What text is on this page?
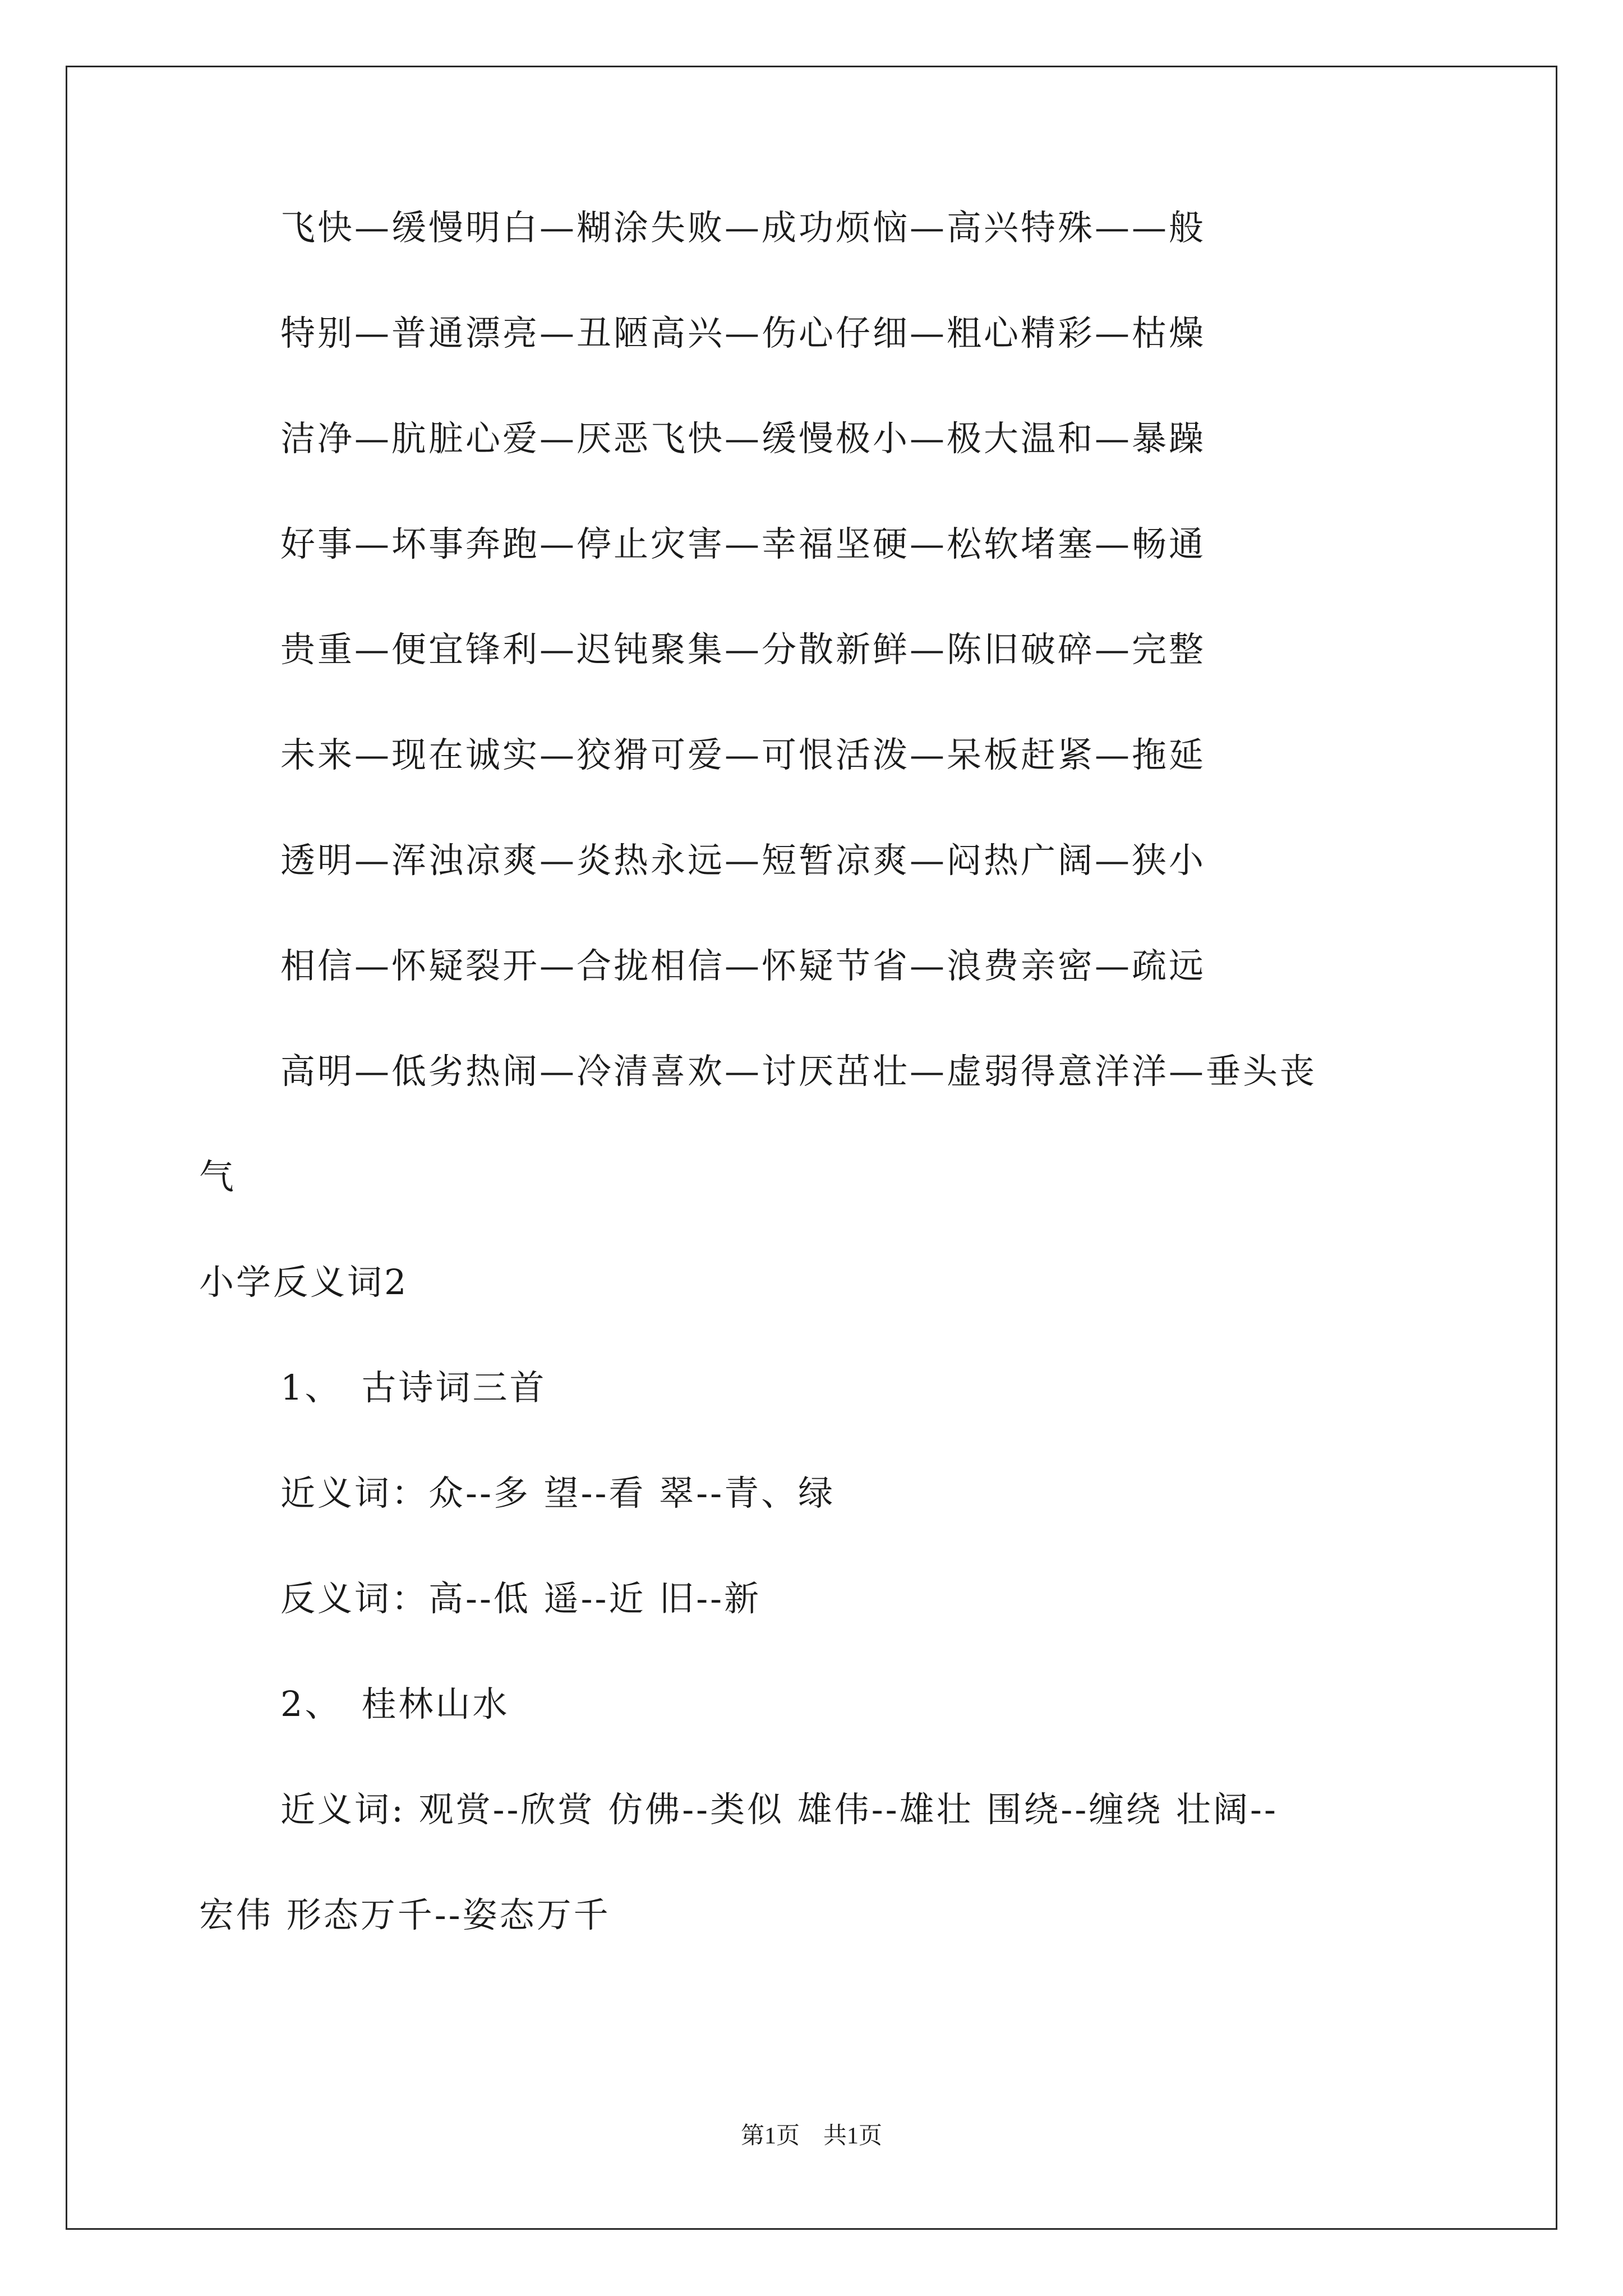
飞快—缓慢明白—糊涂失败—成功烦恼—高兴特殊——般
特别—普通漂亮—丑陋高兴—伤心仔细—粗心精彩—枯燥
洁净—肮脏心爱—厌恶飞快—缓慢极小—极大温和—暴躁
好事—坏事奔跑—停止灾害—幸福坚硬—松软堵塞—畅通
贵重—便宜锋利—迟钝聚集—分散新鲜—陈旧破碎—完整
未来—现在诚实—狡猾可爱—可恨活泼—呆板赶紧—拖延
透明—浑浊凉爽—炎热永远—短暂凉爽—闷热广阔—狭小
相信—怀疑裂开—合拢相信—怀疑节省—浪费亲密—疏远
高明—低劣热闹—冷清喜欢—讨厌茁壮—虚弱得意洋洋—垂头丧
气
小学反义词2
1、　古诗词三首
近义词：众--多 望--看 翠--青、绿
反义词：高--低 遥--近 旧--新
2、　桂林山水
近义词: 观赏--欣赏 仿佛--类似 雄伟--雄壮 围绕--缠绕 壮阔--
宏伟 形态万千--姿态万千
第1页　共1页
